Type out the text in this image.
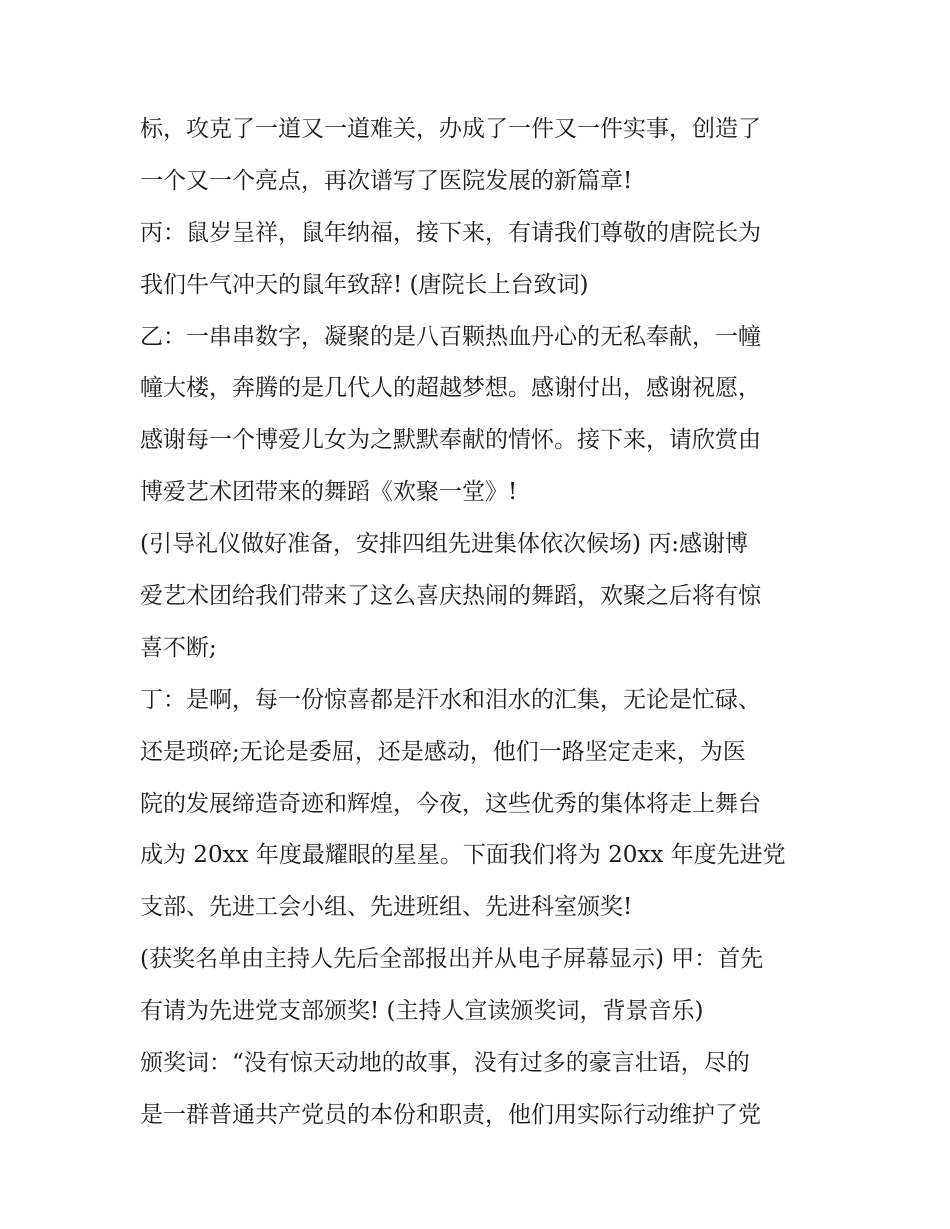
标，攻克了一道又一道难关，办成了一件又一件实事，创造了
一个又一个亮点，再次谱写了医院发展的新篇章!
丙：鼠岁呈祥，鼠年纳福，接下来，有请我们尊敬的唐院长为
我们牛气冲天的鼠年致辞! (唐院长上台致词)
乙：一串串数字，凝聚的是八百颗热血丹心的无私奉献，一幢
幢大楼，奔腾的是几代人的超越梦想。感谢付出，感谢祝愿，
感谢每一个博爱儿女为之默默奉献的情怀。接下来，请欣赏由
博爱艺术团带来的舞蹈《欢聚一堂》!
(引导礼仪做好准备，安排四组先进集体依次候场) 丙:感谢博
爱艺术团给我们带来了这么喜庆热闹的舞蹈，欢聚之后将有惊
喜不断;
丁：是啊，每一份惊喜都是汗水和泪水的汇集，无论是忙碌、
还是琐碎;无论是委屈，还是感动，他们一路坚定走来，为医
院的发展缔造奇迹和辉煌，今夜，这些优秀的集体将走上舞台
成为 20xx 年度最耀眼的星星。下面我们将为 20xx 年度先进党
支部、先进工会小组、先进班组、先进科室颁奖!
(获奖名单由主持人先后全部报出并从电子屏幕显示) 甲：首先
有请为先进党支部颁奖! (主持人宣读颁奖词，背景音乐)
颁奖词：“没有惊天动地的故事，没有过多的豪言壮语，尽的
是一群普通共产党员的本份和职责，他们用实际行动维护了党
